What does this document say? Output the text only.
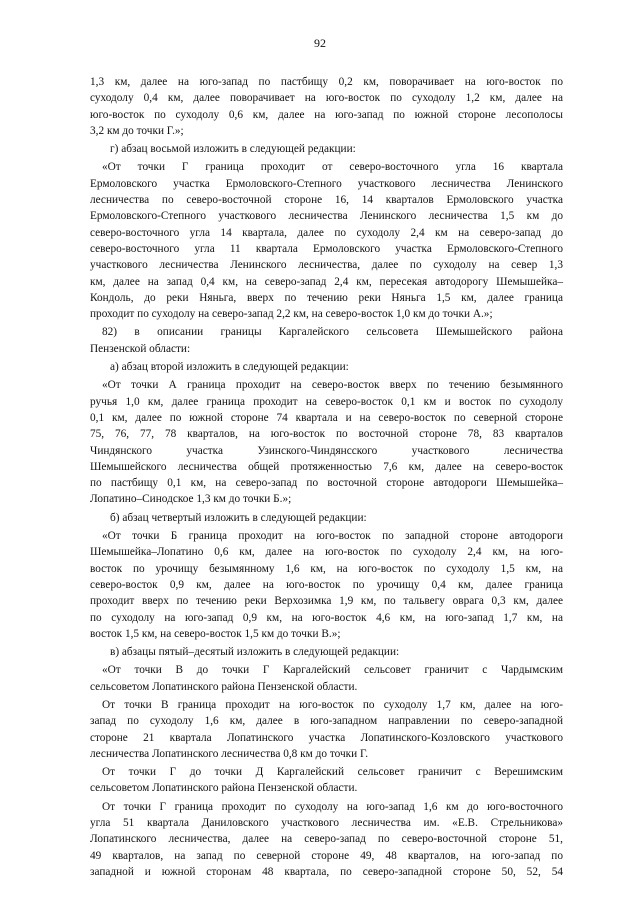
92
1,3 км, далее на юго-запад по пастбищу 0,2 км, поворачивает на юго-восток по
суходолу 0,4 км, далее поворачивает на юго-восток по суходолу 1,2 км, далее на
юго-восток по суходолу 0,6 км, далее на юго-запад по южной стороне лесополосы
3,2 км до точки Г.»;
г) абзац восьмой изложить в следующей редакции:
«От точки Г граница проходит от северо-восточного угла 16 квартала
Ермоловского участка Ермоловского-Степного участкового лесничества Ленинского
лесничества по северо-восточной стороне 16, 14 кварталов Ермоловского участка
Ермоловского-Степного участкового лесничества Ленинского лесничества 1,5 км до
северо-восточного угла 14 квартала, далее по суходолу 2,4 км на северо-запад до
северо-восточного угла 11 квартала Ермоловского участка Ермоловского-Степного
участкового лесничества Ленинского лесничества, далее по суходолу на север 1,3
км, далее на запад 0,4 км, на северо-запад 2,4 км, пересекая автодорогу Шемышейка–
Кондоль, до реки Няньга, вверх по течению реки Няньга 1,5 км, далее граница
проходит по суходолу на северо-запад 2,2 км, на северо-восток 1,0 км до точки А.»;
82) в описании границы Каргалейского сельсовета Шемышейского района
Пензенской области:
а) абзац второй изложить в следующей редакции:
«От точки А граница проходит на северо-восток вверх по течению безымянного
ручья 1,0 км, далее граница проходит на северо-восток 0,1 км и восток по суходолу
0,1 км, далее по южной стороне 74 квартала и на северо-восток по северной стороне
75, 76, 77, 78 кварталов, на юго-восток по восточной стороне 78, 83 кварталов
Чиндянского участка Узинского-Чиндянсского участкового лесничества
Шемышейского лесничества общей протяженностью 7,6 км, далее на северо-восток
по пастбищу 0,1 км, на северо-запад по восточной стороне автодороги Шемышейка–
Лопатино–Синодское 1,3 км до точки Б.»;
б) абзац четвертый изложить в следующей редакции:
«От точки Б граница проходит на юго-восток по западной стороне автодороги
Шемышейка–Лопатино 0,6 км, далее на юго-восток по суходолу 2,4 км, на юго-
восток по урочищу безымянному 1,6 км, на юго-восток по суходолу 1,5 км, на
северо-восток 0,9 км, далее на юго-восток по урочищу 0,4 км, далее граница
проходит вверх по течению реки Верхозимка 1,9 км, по тальвегу оврага 0,3 км, далее
по суходолу на юго-запад 0,9 км, на юго-восток 4,6 км, на юго-запад 1,7 км, на
восток 1,5 км, на северо-восток 1,5 км до точки В.»;
в) абзацы пятый–десятый изложить в следующей редакции:
«От точки В до точки Г Каргалейский сельсовет граничит с Чардымским
сельсоветом Лопатинского района Пензенской области.
От точки В граница проходит на юго-восток по суходолу 1,7 км, далее на юго-
запад по суходолу 1,6 км, далее в юго-западном направлении по северо-западной
стороне 21 квартала Лопатинского участка Лопатинского-Козловского участкового
лесничества Лопатинского лесничества 0,8 км до точки Г.
От точки Г до точки Д Каргалейский сельсовет граничит с Верешимским
сельсоветом Лопатинского района Пензенской области.
От точки Г граница проходит по суходолу на юго-запад 1,6 км до юго-восточного
угла 51 квартала Даниловского участкового лесничества им. «Е.В. Стрельникова»
Лопатинского лесничества, далее на северо-запад по северо-восточной стороне 51,
49 кварталов, на запад по северной стороне 49, 48 кварталов, на юго-запад по
западной и южной сторонам 48 квартала, по северо-западной стороне 50, 52, 54
